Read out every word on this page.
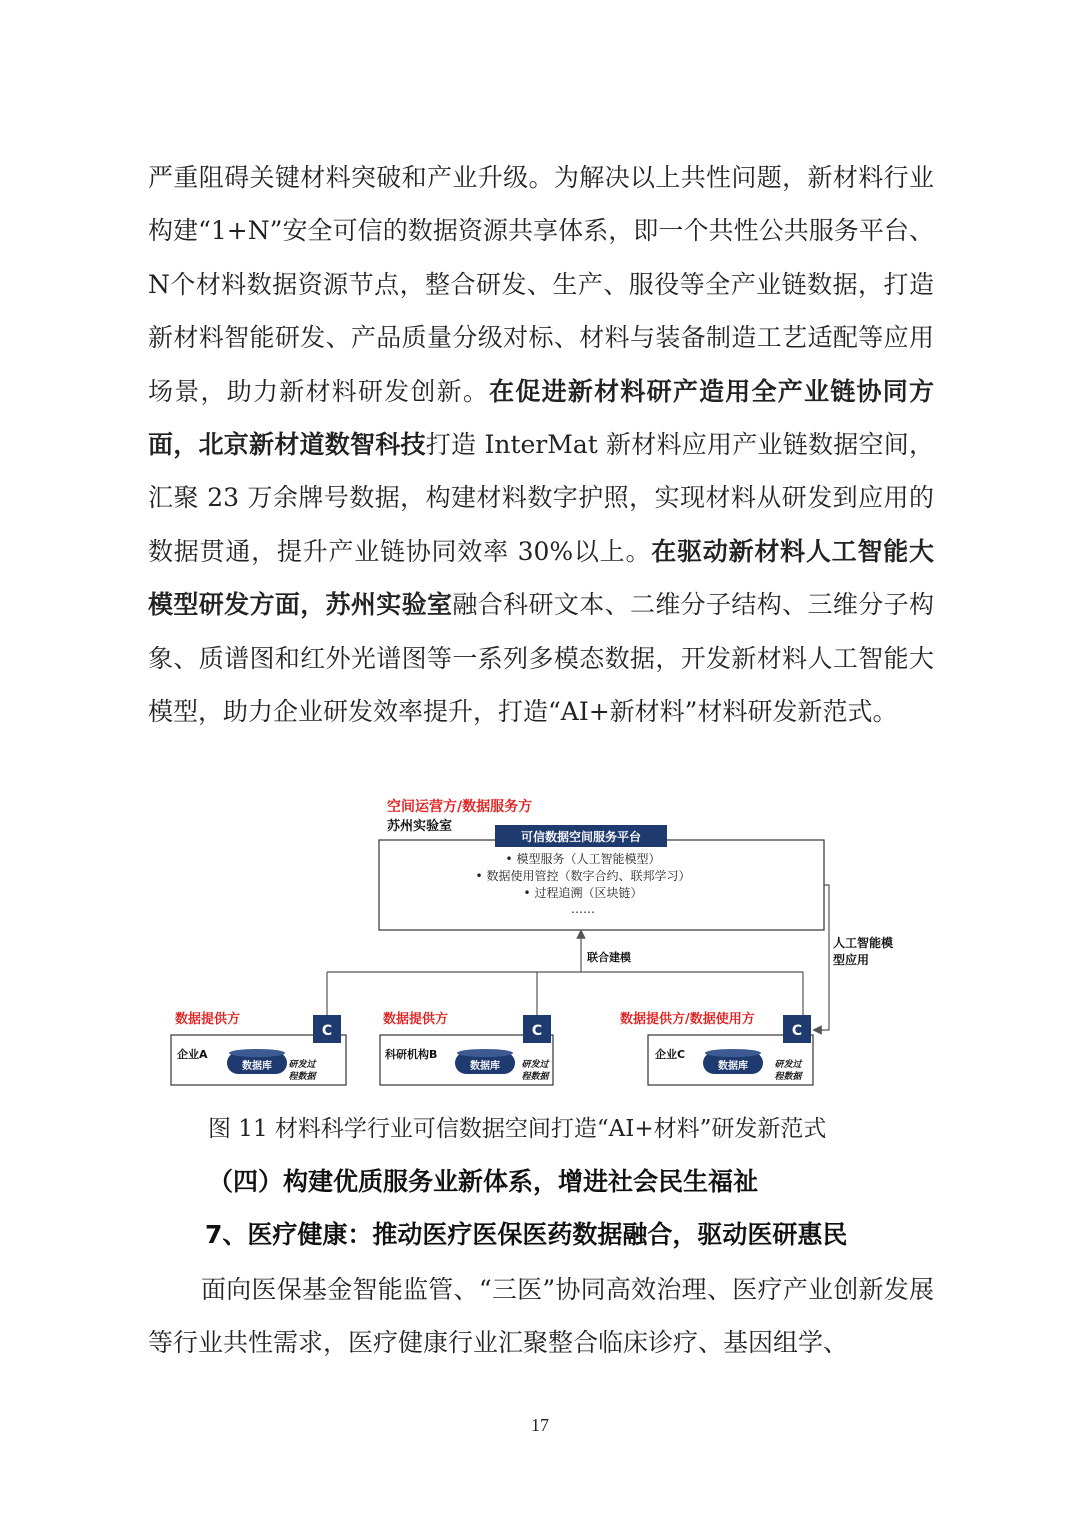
严重阻碍关键材料突破和产业升级。为解决以上共性问题，新材料行业构建“1+N”安全可信的数据资源共享体系，即一个共性公共服务平台、N个材料数据资源节点，整合研发、生产、服役等全产业链数据，打造新材料智能研发、产品质量分级对标、材料与装备制造工艺适配等应用场景，助力新材料研发创新。在促进新材料研产造用全产业链协同方面，北京新材道数智科技打造 InterMat 新材料应用产业链数据空间，汇聚 23 万余牌号数据，构建材料数字护照，实现材料从研发到应用的数据贯通，提升产业链协同效率 30%以上。在驱动新材料人工智能大模型研发方面，苏州实验室融合科研文本、二维分子结构、三维分子构象、质谱图和红外光谱图等一系列多模态数据，开发新材料人工智能大模型，助力企业研发效率提升，打造“AI+新材料”材料研发新范式。

空间运营方/数据服务方
苏州实验室
可信数据空间服务平台
• 模型服务（人工智能模型）
• 数据使用管控（数字合约、联邦学习）
• 过程追溯（区块链）
……
联合建模
人工智能模
型应用
数据提供方
企业A
C
数据库 研发过
程数据
数据提供方
科研机构B
C
数据库 研发过
程数据
数据提供方/数据使用方
企业C
C
数据库	研发过
程数据
图 11 材料科学行业可信数据空间打造“AI+材料”研发新范式
（四）构建优质服务业新体系，增进社会民生福祉
7、医疗健康：推动医疗医保医药数据融合，驱动医研惠民

面向医保基金智能监管、“三医”协同高效治理、医疗产业创新发展等行业共性需求，医疗健康行业汇聚整合临床诊疗、基因组学、

17
